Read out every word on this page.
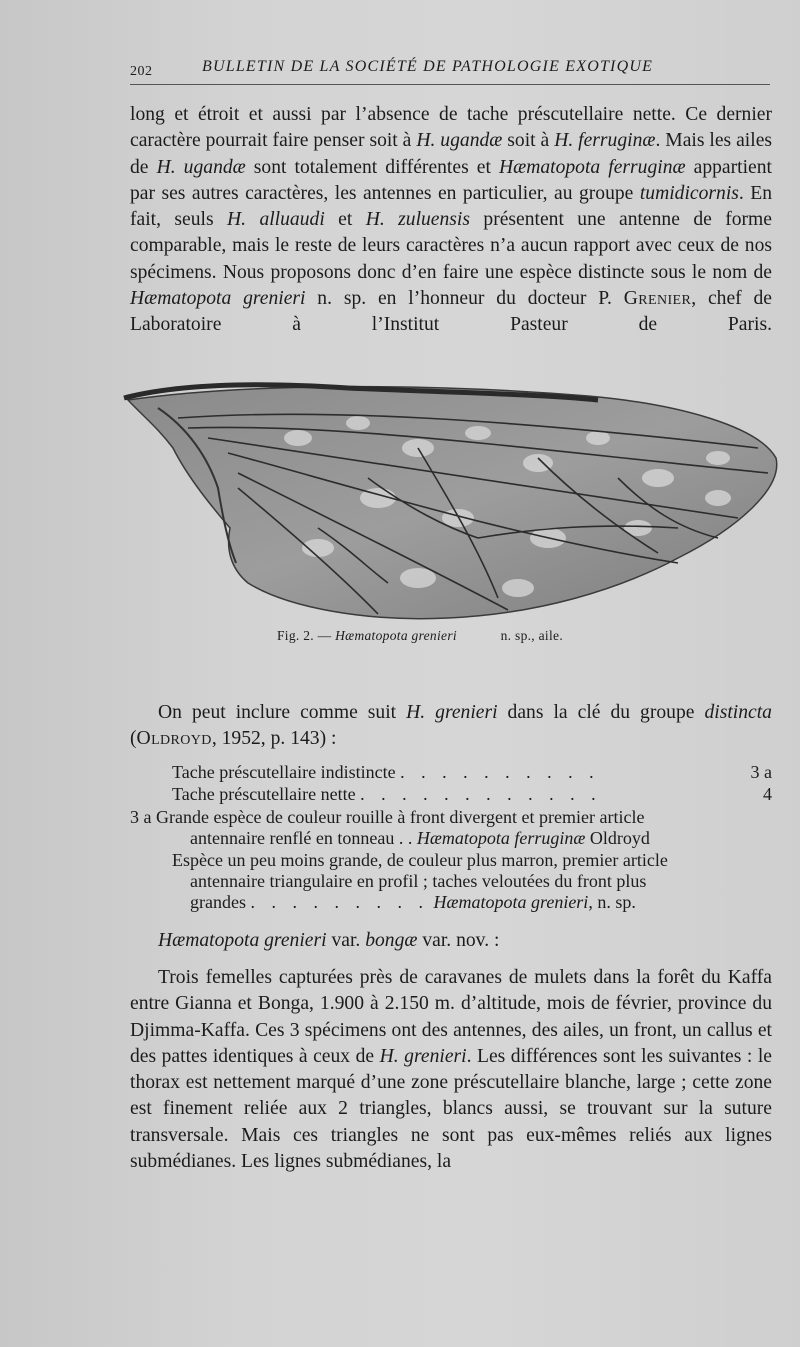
202	BULLETIN DE LA SOCIÉTÉ DE PATHOLOGIE EXOTIQUE

long et étroit et aussi par l’absence de tache préscutellaire nette. Ce dernier caractère pourrait faire penser soit à H. ugandæ soit à H. ferruginæ. Mais les ailes de H. ugandæ sont totalement différentes et Hæmatopota ferruginæ appartient par ses autres caractères, les antennes en particulier, au groupe tumidicornis. En fait, seuls H. alluaudi et H. zuluensis présentent une antenne de forme comparable, mais le reste de leurs caractères n’a aucun rapport avec ceux de nos spécimens. Nous proposons donc d’en faire une espèce distincte sous le nom de Hæmatopota grenieri n. sp. en l’honneur du docteur P. Grenier, chef de Laboratoire à l’Institut Pasteur de Paris.

Fig. 2. — Hæmatopota grenieri	n. sp., aile.

On peut inclure comme suit H. grenieri dans la clé du groupe distincta (Oldroyd, 1952, p. 143) :

Tache préscutellaire indistincte . . . . . . . . . .	3 a
Tache préscutellaire nette . . . . . . . . . . . .	4
3 a Grande espèce de couleur rouille à front divergent et premier article
antennaire renflé en tonneau . . Hæmatopota ferruginæ Oldroyd
Espèce un peu moins grande, de couleur plus marron, premier article
antennaire triangulaire en profil ; taches veloutées du front plus
grandes . . . . . . . . . Hæmatopota grenieri, n. sp.

Hæmatopota grenieri var. bongæ var. nov. :

Trois femelles capturées près de caravanes de mulets dans la forêt du Kaffa entre Gianna et Bonga, 1.900 à 2.150 m. d’altitude, mois de février, province du Djimma-Kaffa. Ces 3 spécimens ont des antennes, des ailes, un front, un callus et des pattes identiques à ceux de H. grenieri. Les différences sont les suivantes : le thorax est nettement marqué d’une zone préscutellaire blanche, large ; cette zone est finement reliée aux 2 triangles, blancs aussi, se trouvant sur la suture transversale. Mais ces triangles ne sont pas eux-mêmes reliés aux lignes submédianes. Les lignes submédianes, la
